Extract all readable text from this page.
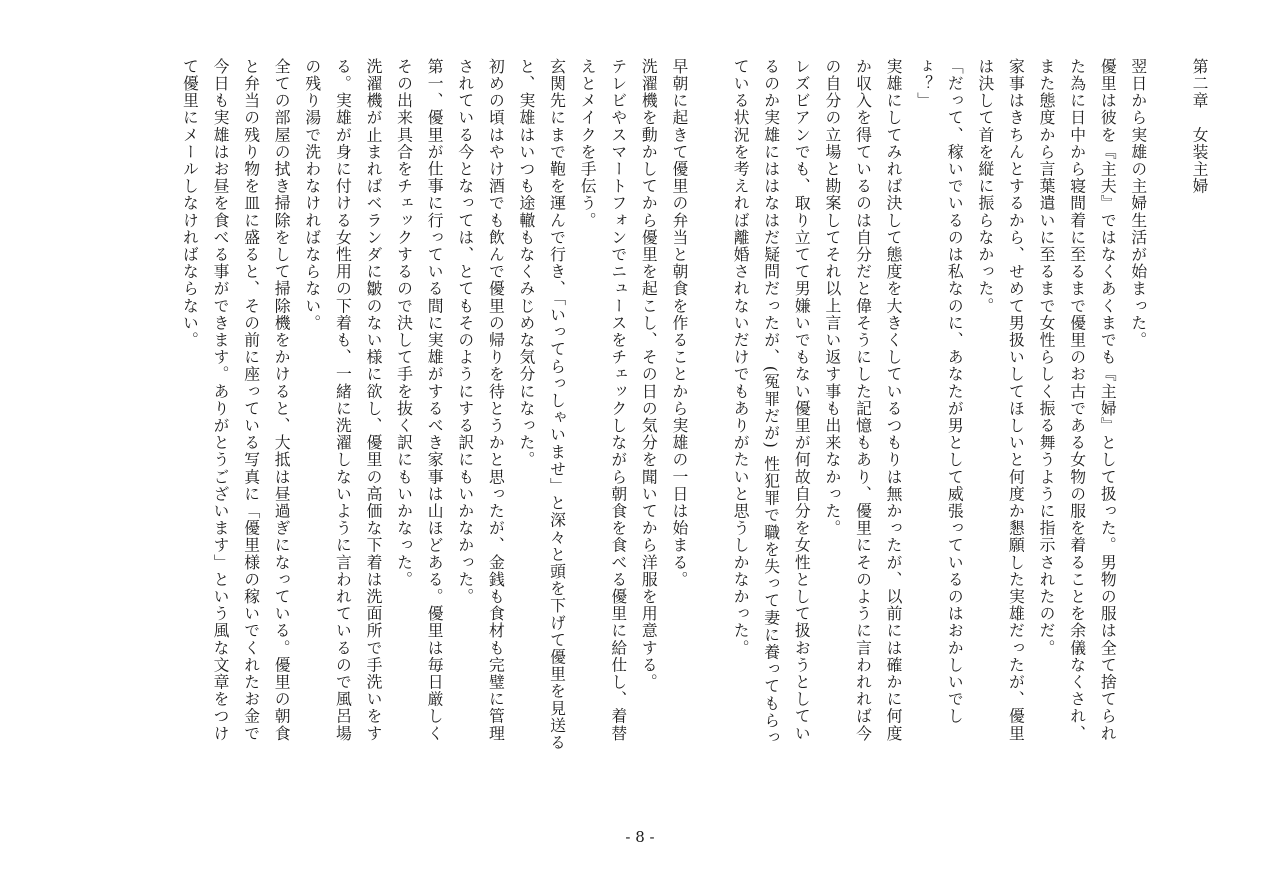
第二章　女装主婦
翌日から実雄の主婦生活が始まった。
優里は彼を『主夫』ではなくあくまでも『主婦』として扱った。男物の服は全て捨てられ
た為に日中から寝間着に至るまで優里のお古である女物の服を着ることを余儀なくされ、
また態度から言葉遣いに至るまで女性らしく振る舞うように指示されたのだ。
家事はきちんとするから、せめて男扱いしてほしいと何度か懇願した実雄だったが、優里
は決して首を縦に振らなかった。
「だって、稼いでいるのは私なのに、あなたが男として威張っているのはおかしいでし
ょ？」
実雄にしてみれば決して態度を大きくしているつもりは無かったが、以前には確かに何度
か収入を得ているのは自分だと偉そうにした記憶もあり、優里にそのように言われれば今
の自分の立場と勘案してそれ以上言い返す事も出来なかった。
レズビアンでも、取り立てて男嫌いでもない優里が何故自分を女性として扱おうとしてい
るのか実雄にははなはだ疑問だったが、(冤罪だが) 性犯罪で職を失って妻に養ってもらっ
ている状況を考えれば離婚されないだけでもありがたいと思うしかなかった。
早朝に起きて優里の弁当と朝食を作ることから実雄の一日は始まる。
洗濯機を動かしてから優里を起こし、その日の気分を聞いてから洋服を用意する。
テレビやスマートフォンでニュースをチェックしながら朝食を食べる優里に給仕し、着替
えとメイクを手伝う。
玄関先にまで鞄を運んで行き、「いってらっしゃいませ」と深々と頭を下げて優里を見送る
と、実雄はいつも途轍もなくみじめな気分になった。
初めの頃はやけ酒でも飲んで優里の帰りを待とうかと思ったが、金銭も食材も完璧に管理
されている今となっては、とてもそのようにする訳にもいかなかった。
第一、優里が仕事に行っている間に実雄がするべき家事は山ほどある。優里は毎日厳しく
その出来具合をチェックするので決して手を抜く訳にもいかなった。
洗濯機が止まればベランダに皺のない様に欲し、優里の高価な下着は洗面所で手洗いをす
る。実雄が身に付ける女性用の下着も、一緒に洗濯しないように言われているので風呂場
の残り湯で洗わなければならない。
全ての部屋の拭き掃除をして掃除機をかけると、大抵は昼過ぎになっている。優里の朝食
と弁当の残り物を皿に盛ると、その前に座っている写真に「優里様の稼いでくれたお金で
今日も実雄はお昼を食べる事ができます。ありがとうございます」という風な文章をつけ
て優里にメールしなければならない。
- 8 -
